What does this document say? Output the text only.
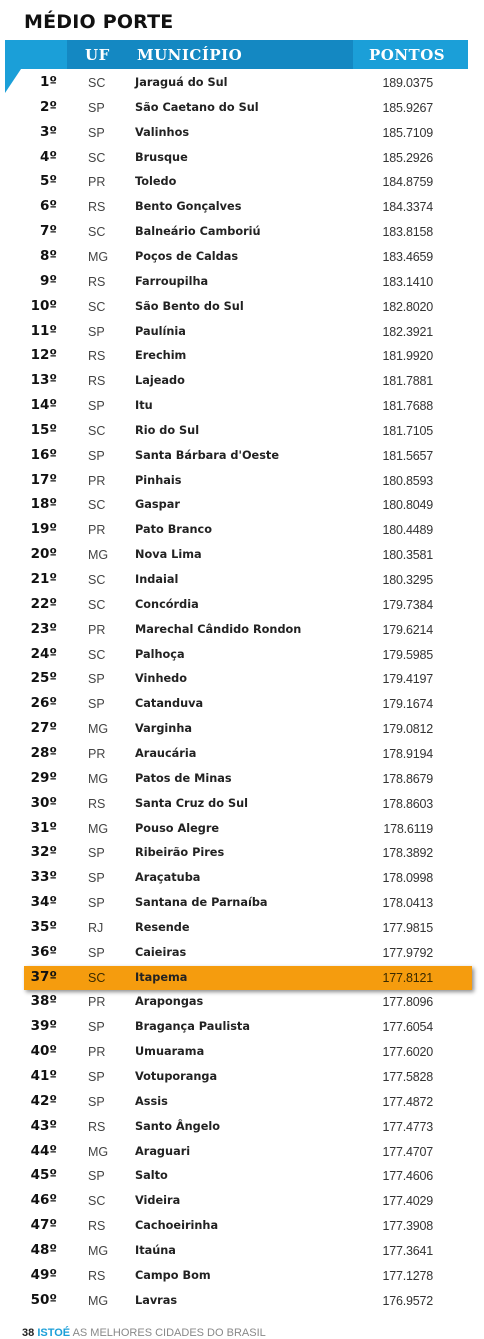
MÉDIO PORTE
UF MUNICÍPIO	PONTOS
1º SC	Jaraguá do Sul	189.0375
2º SP	São Caetano do Sul	185.9267
3º SP	Valinhos	185.7109
4º SC	Brusque	185.2926
5º PR	Toledo	184.8759
6º RS	Bento Gonçalves	184.3374
7º SC	Balneário Camboriú	183.8158
8º MG Poços de Caldas	183.4659
9º RS	Farroupilha	183.1410
10º SC	São Bento do Sul	182.8020
11º SP	Paulínia	182.3921
12º RS	Erechim	181.9920
13º RS	Lajeado	181.7881
14º SP	Itu	181.7688
15º SC	Rio do Sul	181.7105
16º SP	Santa Bárbara d'Oeste	181.5657
17º PR	Pinhais	180.8593
18º SC	Gaspar	180.8049
19º PR	Pato Branco	180.4489
20º MG Nova Lima	180.3581
21º SC	Indaial	180.3295
22º SC	Concórdia	179.7384
23º PR	Marechal Cândido Rondon	179.6214
24º SC	Palhoça	179.5985
25º SP	Vinhedo	179.4197
26º SP	Catanduva	179.1674
27º MG Varginha	179.0812
28º PR	Araucária	178.9194
29º MG Patos de Minas	178.8679
30º RS	Santa Cruz do Sul	178.8603
31º MG Pouso Alegre	178.6119
32º SP	Ribeirão Pires	178.3892
33º SP	Araçatuba	178.0998
34º SP	Santana de Parnaíba	178.0413
35º RJ	Resende	177.9815
36º SP	Caieiras	177.9792
37º SC	Itapema	177.8121
38º PR	Arapongas	177.8096
39º SP	Bragança Paulista	177.6054
40º PR	Umuarama	177.6020
41º SP	Votuporanga	177.5828
42º SP	Assis	177.4872
43º RS	Santo Ângelo	177.4773
44º MG Araguari	177.4707
45º SP	Salto	177.4606
46º SC	Videira	177.4029
47º RS	Cachoeirinha	177.3908
48º MG Itaúna	177.3641
49º RS	Campo Bom	177.1278
50º MG Lavras	176.9572
38 ISTOÉ AS MELHORES CIDADES DO BRASIL
